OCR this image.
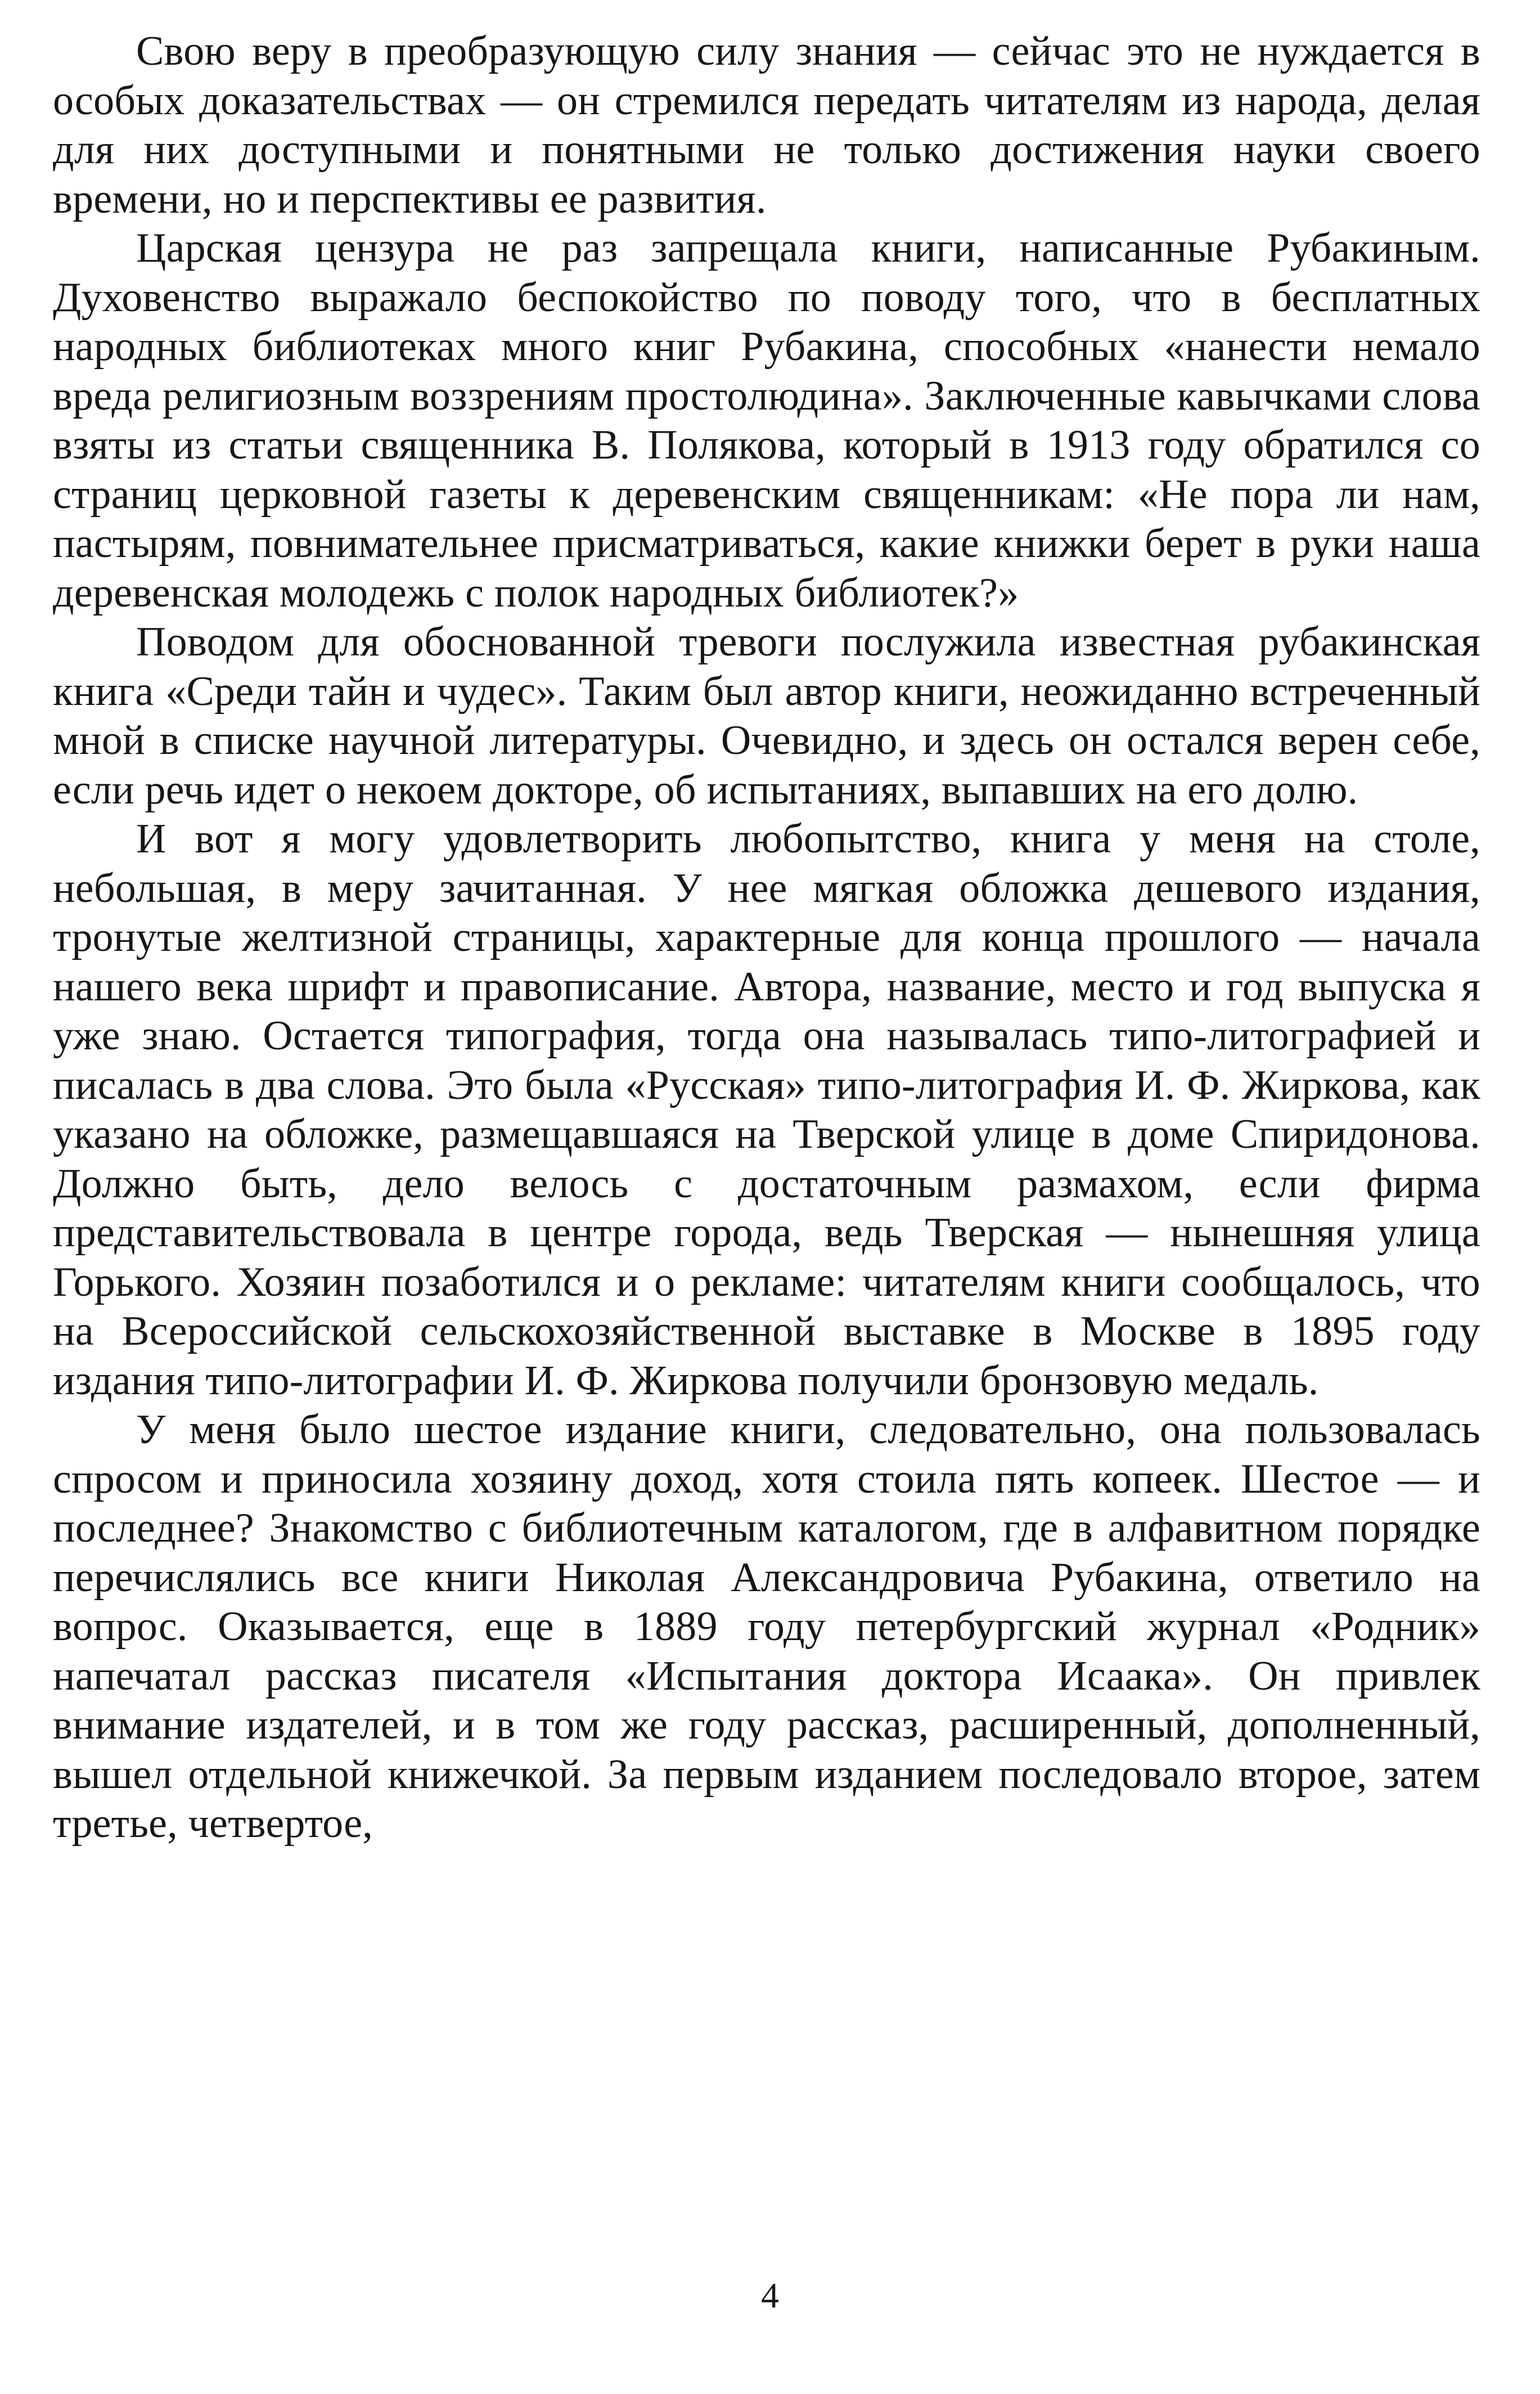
Свою веру в преобразующую силу знания — сейчас это не нуждается в особых доказательствах — он стремился передать читателям из народа, делая для них доступными и понятными не только достижения науки своего времени, но и перспективы ее развития.

Царская цензура не раз запрещала книги, написанные Рубакиным. Духовенство выражало беспокойство по поводу того, что в бесплатных народных библиотеках много книг Рубакина, способных «нанести немало вреда религиозным воззрениям простолюдина». Заключенные кавычками слова взяты из статьи священника В. Полякова, который в 1913 году обратился со страниц церковной газеты к деревенским священникам: «Не пора ли нам, пастырям, повнимательнее присматриваться, какие книжки берет в руки наша деревенская молодежь с полок народных библиотек?»

Поводом для обоснованной тревоги послужила известная рубакинская книга «Среди тайн и чудес». Таким был автор книги, неожиданно встреченный мной в списке научной литературы. Очевидно, и здесь он остался верен себе, если речь идет о некоем докторе, об испытаниях, выпавших на его долю.

И вот я могу удовлетворить любопытство, книга у меня на столе, небольшая, в меру зачитанная. У нее мягкая обложка дешевого издания, тронутые желтизной страницы, характерные для конца прошлого — начала нашего века шрифт и правописание. Автора, название, место и год выпуска я уже знаю. Остается типография, тогда она называлась типо-литографией и писалась в два слова. Это была «Русская» типо-литография И. Ф. Жиркова, как указано на обложке, размещавшаяся на Тверской улице в доме Спиридонова. Должно быть, дело велось с достаточным размахом, если фирма представительствовала в центре города, ведь Тверская — нынешняя улица Горького. Хозяин позаботился и о рекламе: читателям книги сообщалось, что на Всероссийской сельскохозяйственной выставке в Москве в 1895 году издания типо-литографии И. Ф. Жиркова получили бронзовую медаль.

У меня было шестое издание книги, следовательно, она пользовалась спросом и приносила хозяину доход, хотя стоила пять копеек. Шестое — и последнее? Знакомство с библиотечным каталогом, где в алфавитном порядке перечислялись все книги Николая Александровича Рубакина, ответило на вопрос. Оказывается, еще в 1889 году петербургский журнал «Родник» напечатал рассказ писателя «Испытания доктора Исаака». Он привлек внимание издателей, и в том же году рассказ, расширенный, дополненный, вышел отдельной книжечкой. За первым изданием последовало второе, затем третье, четвертое,

4
